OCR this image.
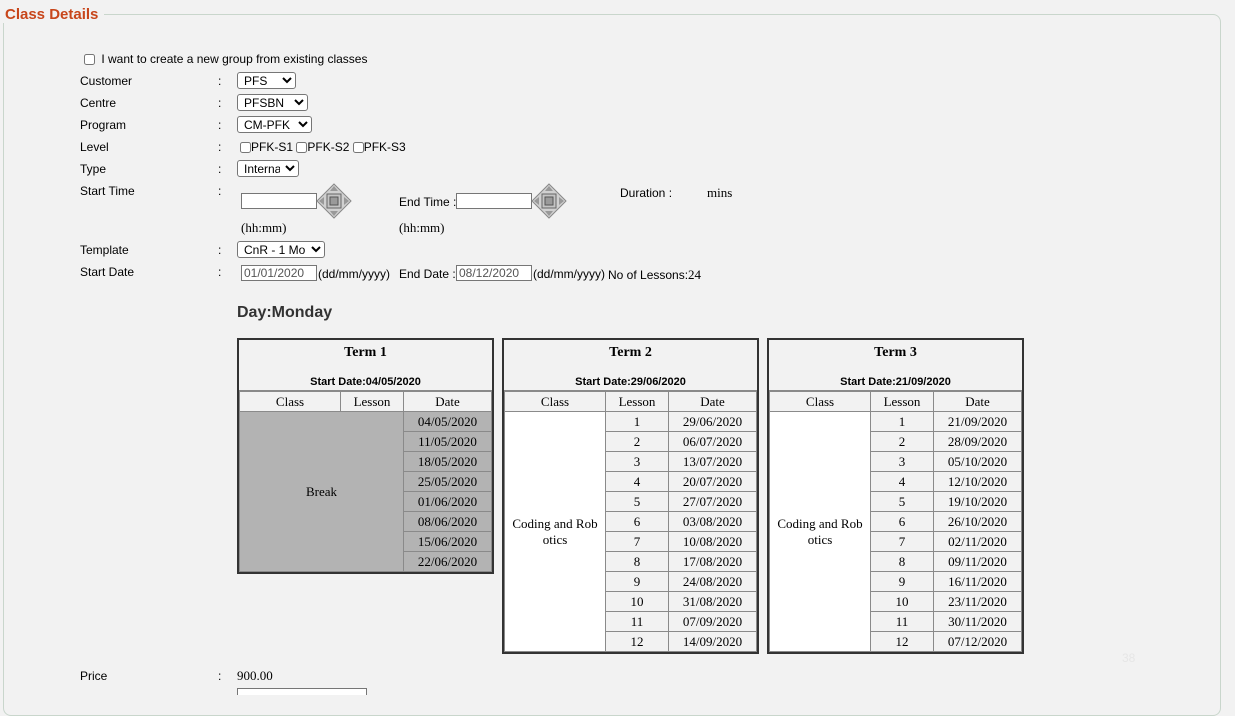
Class Details
I want to create a new group from existing classes
Customer	:
PFS
Centre	:
PFSBN
Program	:
CM-PFK
Level	:	PFK-S1 PFK-S2 PFK-S3
Type	:
Internal
Start Time	:
(hh:mm)
End Time :
(hh:mm)
Duration :	mins
Template	:
CnR - 1 Mon
Start Date	:
01/01/2020	(dd/mm/yyyy) End Date :
08/12/2020	(dd/mm/yyyy) No of Lessons:24
Day:Monday
Term 1
Start Date:04/05/2020
Class	Lesson	Date
Break		04/05/2020
		11/05/2020
		18/05/2020
		25/05/2020
		01/06/2020
		08/06/2020
		15/06/2020
		22/06/2020
Term 2
Start Date:29/06/2020
Class	Lesson	Date
Coding and Rob otics	1	29/06/2020
	2	06/07/2020
	3	13/07/2020
	4	20/07/2020
	5	27/07/2020
	6	03/08/2020
	7	10/08/2020
	8	17/08/2020
	9	24/08/2020
	10	31/08/2020
	11	07/09/2020
	12	14/09/2020
Term 3
Start Date:21/09/2020
Class	Lesson	Date
Coding and Rob otics	1	21/09/2020
	2	28/09/2020
	3	05/10/2020
	4	12/10/2020
	5	19/10/2020
	6	26/10/2020
	7	02/11/2020
	8	09/11/2020
	9	16/11/2020
	10	23/11/2020
	11	30/11/2020
	12	07/12/2020
38
Price	: 900.00
